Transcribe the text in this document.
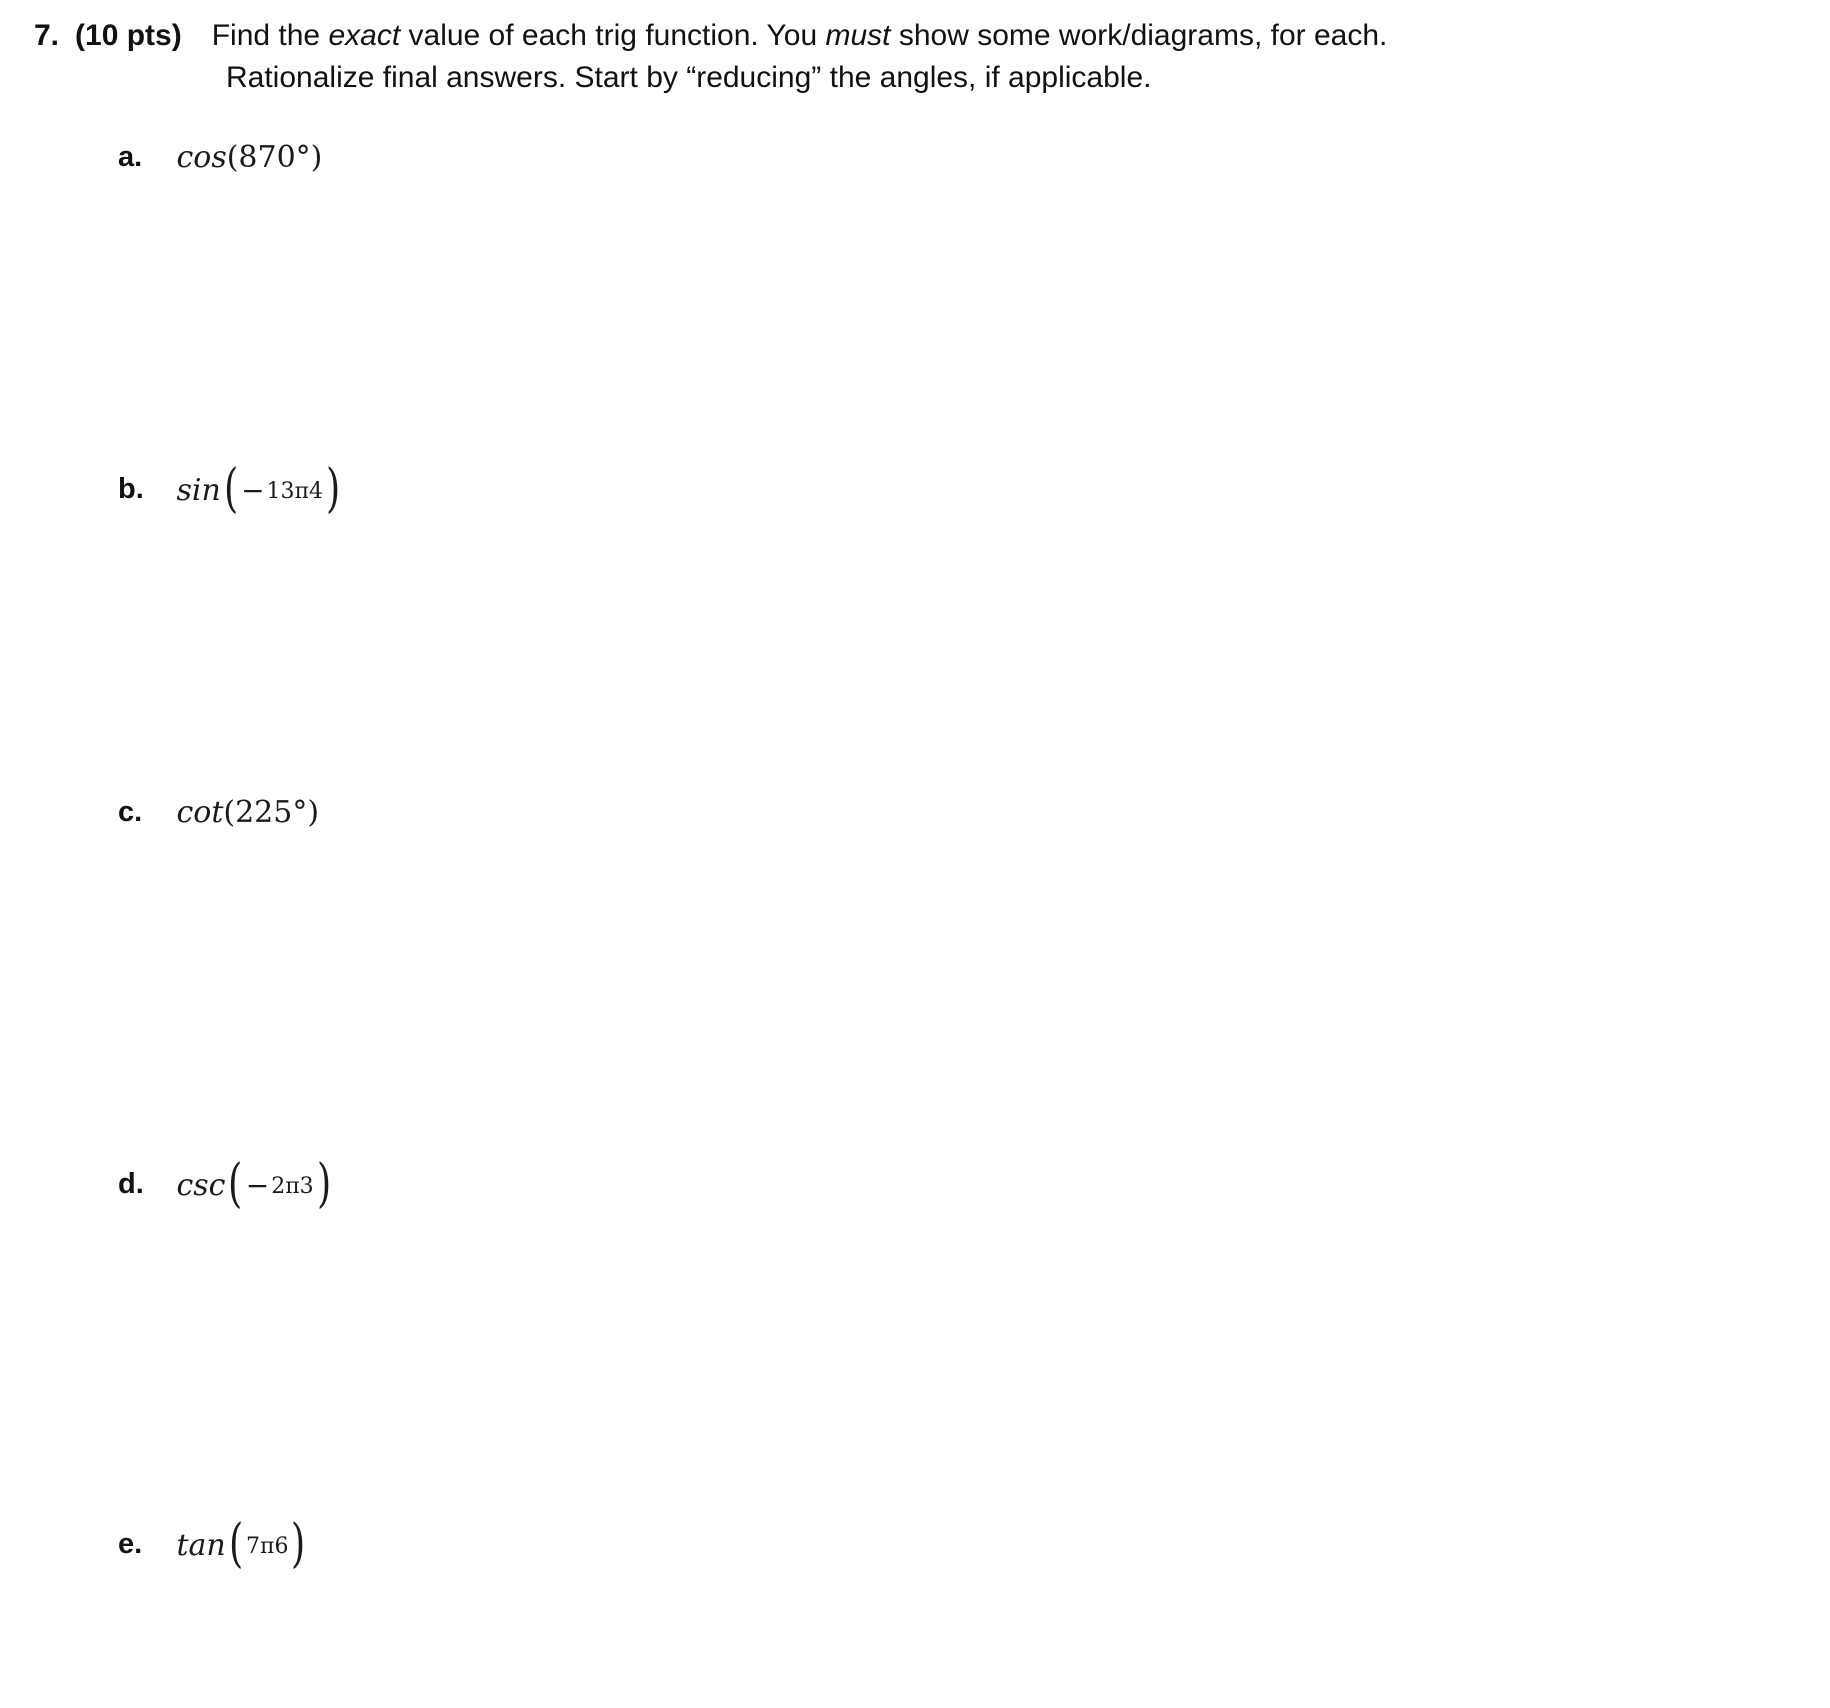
7. (10 pts) Find the exact value of each trig function. You must show some work/diagrams, for each.
Rationalize final answers. Start by “reducing” the angles, if applicable.
a. cos(870°)
b. sin( −13π4)
c. cot(225°)
d. csc( −2π3)
e. tan( 7π6)
